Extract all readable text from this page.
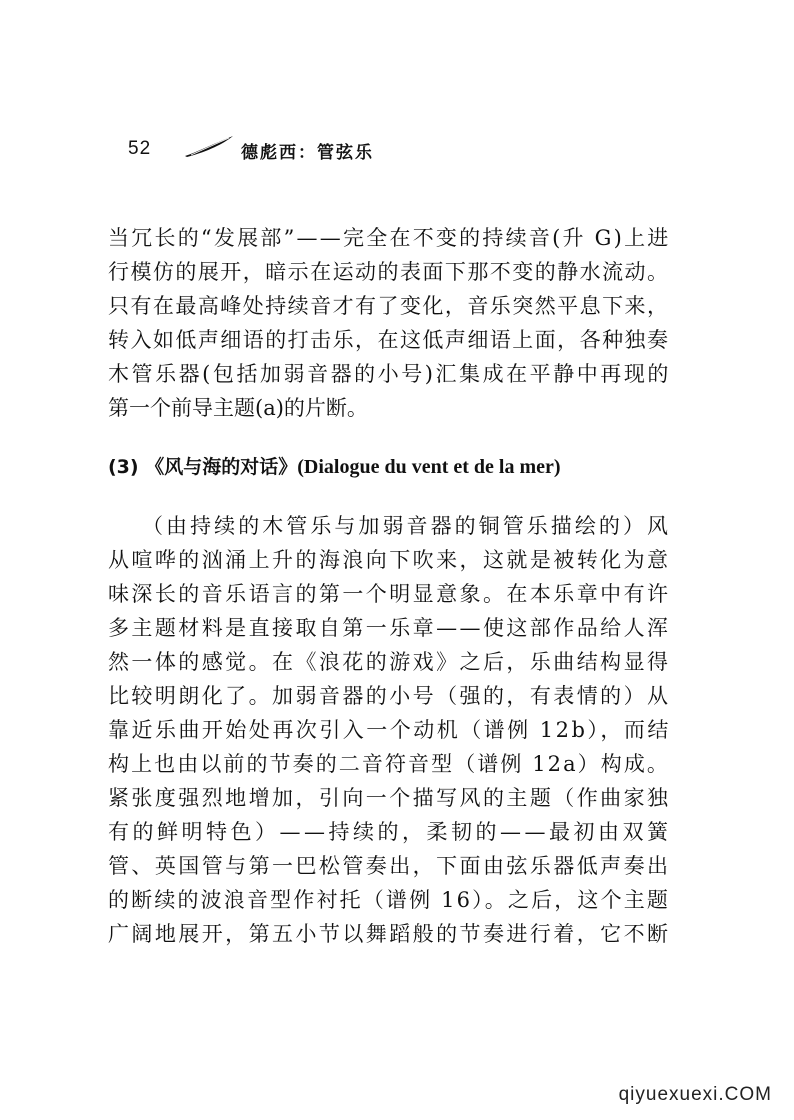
52	德彪西：管弦乐
当冗长的“发展部”——完全在不变的持续音(升 G)上进
行模仿的展开，暗示在运动的表面下那不变的静水流动。
只有在最高峰处持续音才有了变化，音乐突然平息下来，
转入如低声细语的打击乐，在这低声细语上面，各种独奏
木管乐器(包括加弱音器的小号)汇集成在平静中再现的
第一个前导主题(a)的片断。
(3) 《风与海的对话》(Dialogue du vent et de la mer)
（由持续的木管乐与加弱音器的铜管乐描绘的）风
从喧哗的汹涌上升的海浪向下吹来，这就是被转化为意
味深长的音乐语言的第一个明显意象。在本乐章中有许
多主题材料是直接取自第一乐章——使这部作品给人浑
然一体的感觉。在《浪花的游戏》之后，乐曲结构显得
比较明朗化了。加弱音器的小号（强的，有表情的）从
靠近乐曲开始处再次引入一个动机（谱例 12b），而结
构上也由以前的节奏的二音符音型（谱例 12a）构成。
紧张度强烈地增加，引向一个描写风的主题（作曲家独
有的鲜明特色）——持续的，柔韧的——最初由双簧
管、英国管与第一巴松管奏出，下面由弦乐器低声奏出
的断续的波浪音型作衬托（谱例 16）。之后，这个主题
广阔地展开，第五小节以舞蹈般的节奏进行着，它不断
qiyuexuexi.COM
